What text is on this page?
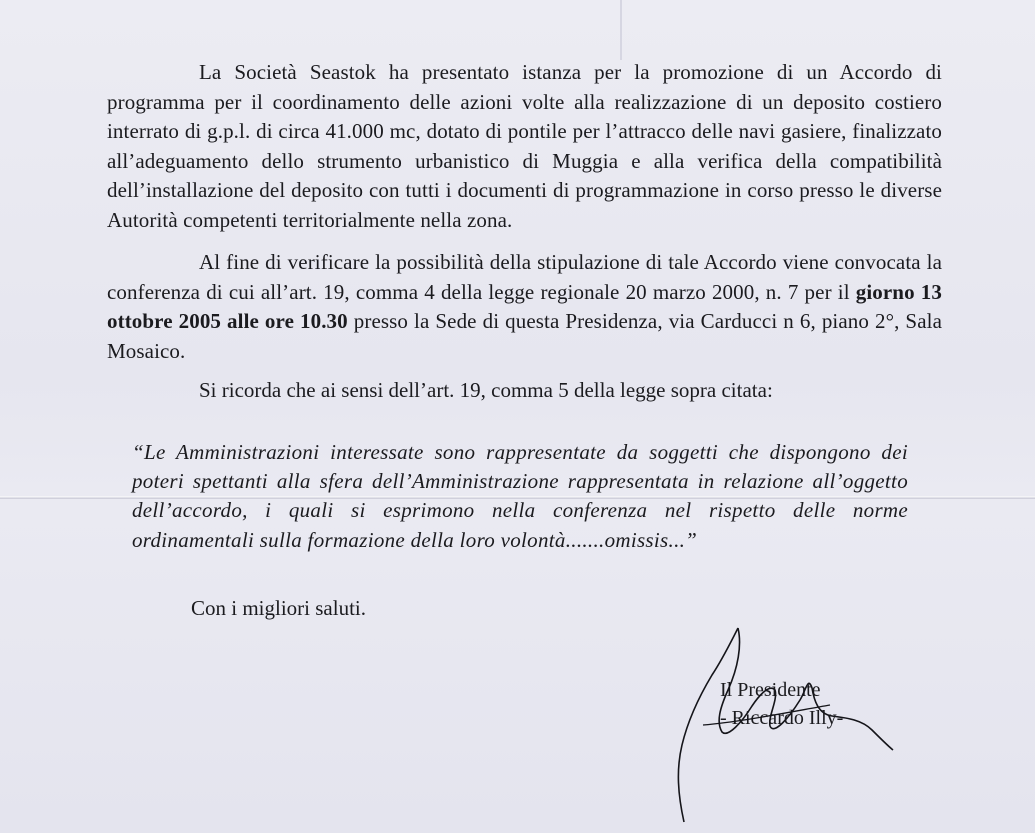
La Società Seastok ha presentato istanza per la promozione di un Accordo di programma per il coordinamento delle azioni volte alla realizzazione di un deposito costiero interrato di g.p.l. di circa 41.000 mc, dotato di pontile per l’attracco delle navi gasiere, finalizzato all’adeguamento dello strumento urbanistico di Muggia e alla verifica della compatibilità dell’installazione del deposito con tutti i documenti di programmazione in corso presso le diverse Autorità competenti territorialmente nella zona.

Al fine di verificare la possibilità della stipulazione di tale Accordo viene convocata la conferenza di cui all’art. 19, comma 4 della legge regionale 20 marzo 2000, n. 7 per il giorno 13 ottobre 2005 alle ore 10.30 presso la Sede di questa Presidenza, via Carducci n 6, piano 2°, Sala Mosaico.

Si ricorda che ai sensi dell’art. 19, comma 5 della legge sopra citata:

“Le Amministrazioni interessate sono rappresentate da soggetti che dispongono dei poteri spettanti alla sfera dell’Amministrazione rappresentata in relazione all’oggetto dell’accordo, i quali si esprimono nella conferenza nel rispetto delle norme ordinamentali sulla formazione della loro volontà.......omissis...”

Con i migliori saluti.
Il Presidente
- Riccardo Illy-
